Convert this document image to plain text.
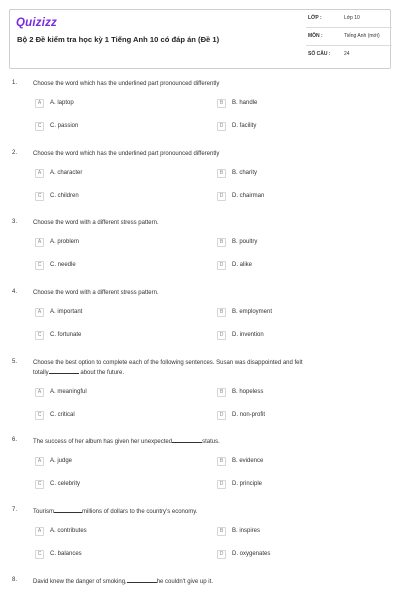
Quizizz
Bộ 2 Đề kiểm tra học kỳ 1 Tiếng Anh 10 có đáp án (Đề 1)
LỚP :	Lớp 10
MÔN :	Tiếng Anh (mới)
SỐ CÂU :	24
1.	Choose the word which has the underlined part pronounced differently
A	A. laptop	B	B. handle
C	C. passion	D	D. facility
2.	Choose the word which has the underlined part pronounced differently
A	A. character	B	B. charity
C	C. children	D	D. chairman
3.	Choose the word with a different stress pattern.
A	A. problem	B	B. poultry
C	C. needle	D	D. alike
4.	Choose the word with a different stress pattern.
A	A. important	B	B. employment
C	C. fortunate	D	D. invention
5.	Choose the best option to complete each of the following sentences. Susan was disappointed and felt
totally	about the future.
A	A. meaningful	B	B. hopeless
C	C. critical	D	D. non-profit
6.	The success of her album has given her unexpected	status.
A	A. judge	B	B. evidence
C	C. celebrity	D	D. principle
7.	Tourism	millions of dollars to the country's economy.
A	A. contributes	B	B. inspires
C	C. balances	D	D. oxygenates
8.	David knew the danger of smoking,	he couldn't give up it.
